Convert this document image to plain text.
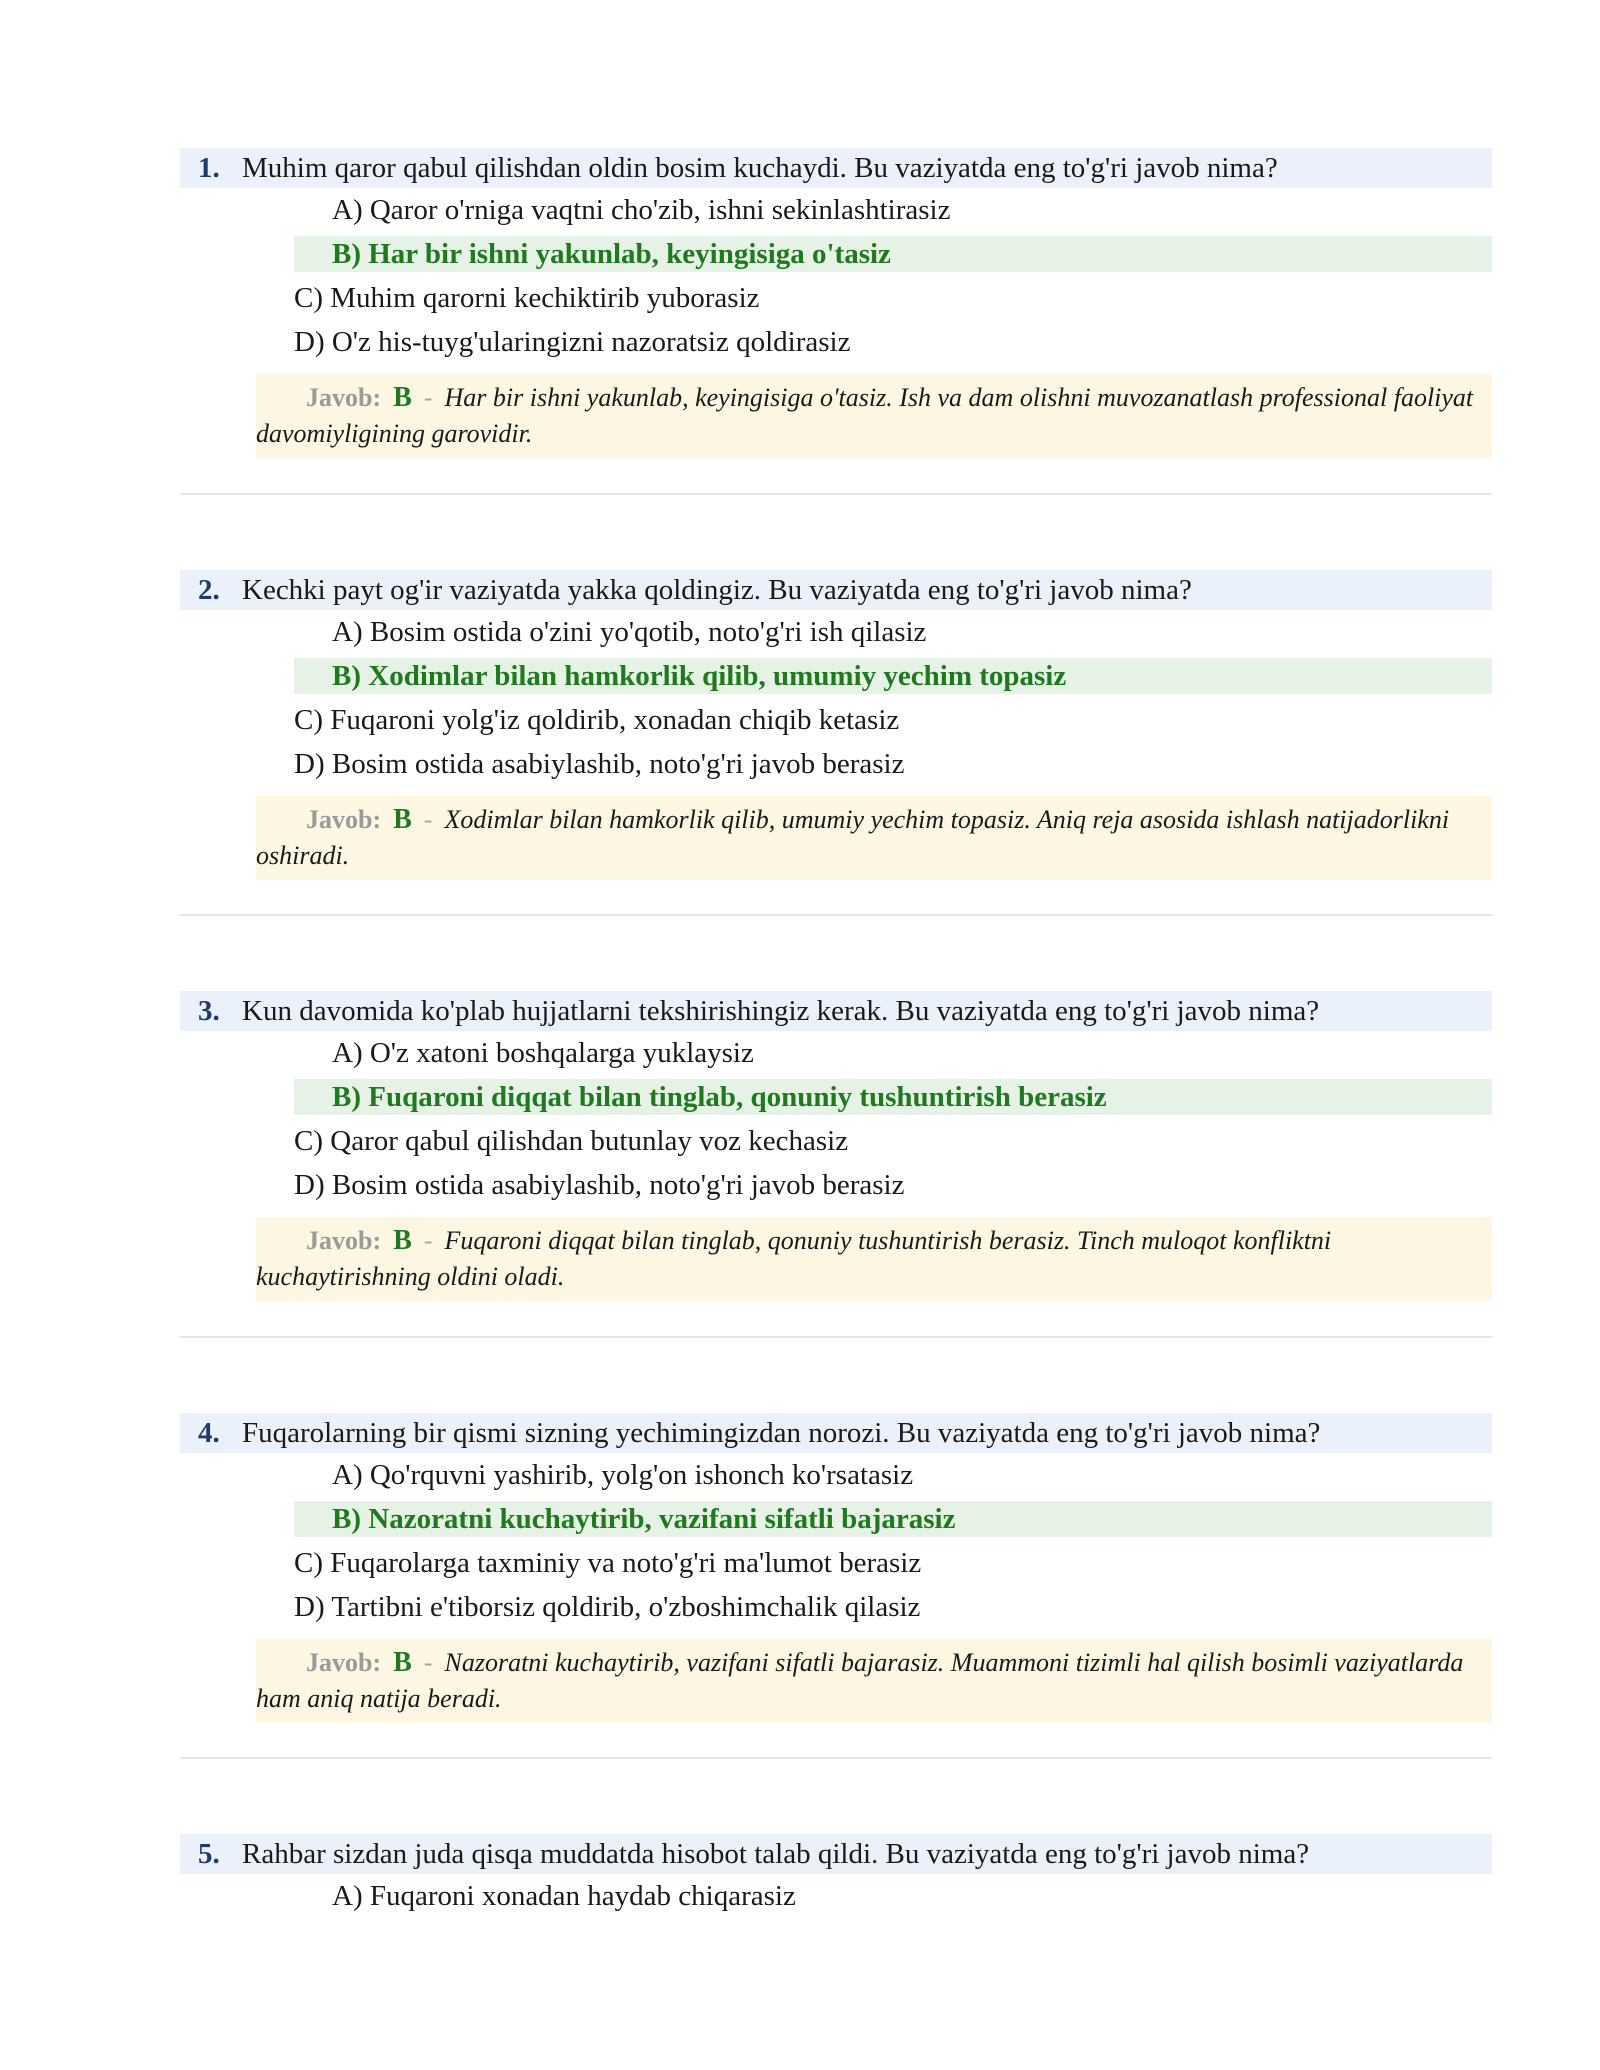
1. Muhim qaror qabul qilishdan oldin bosim kuchaydi. Bu vaziyatda eng to'g'ri javob nima?
A) Qaror o'rniga vaqtni cho'zib, ishni sekinlashtirasiz
B) Har bir ishni yakunlab, keyingisiga o'tasiz
C) Muhim qarorni kechiktirib yuborasiz
D) O'z his-tuyg'ularingizni nazoratsiz qoldirasiz
Javob: B - Har bir ishni yakunlab, keyingisiga o'tasiz. Ish va dam olishni muvozanatlash professional faoliyat davomiyligining garovidir.
2. Kechki payt og'ir vaziyatda yakka qoldingiz. Bu vaziyatda eng to'g'ri javob nima?
A) Bosim ostida o'zini yo'qotib, noto'g'ri ish qilasiz
B) Xodimlar bilan hamkorlik qilib, umumiy yechim topasiz
C) Fuqaroni yolg'iz qoldirib, xonadan chiqib ketasiz
D) Bosim ostida asabiylashib, noto'g'ri javob berasiz
Javob: B - Xodimlar bilan hamkorlik qilib, umumiy yechim topasiz. Aniq reja asosida ishlash natijadorlikni oshiradi.
3. Kun davomida ko'plab hujjatlarni tekshirishingiz kerak. Bu vaziyatda eng to'g'ri javob nima?
A) O'z xatoni boshqalarga yuklaysiz
B) Fuqaroni diqqat bilan tinglab, qonuniy tushuntirish berasiz
C) Qaror qabul qilishdan butunlay voz kechasiz
D) Bosim ostida asabiylashib, noto'g'ri javob berasiz
Javob: B - Fuqaroni diqqat bilan tinglab, qonuniy tushuntirish berasiz. Tinch muloqot konfliktni kuchaytirishning oldini oladi.
4. Fuqarolarning bir qismi sizning yechimingizdan norozi. Bu vaziyatda eng to'g'ri javob nima?
A) Qo'rquvni yashirib, yolg'on ishonch ko'rsatasiz
B) Nazoratni kuchaytirib, vazifani sifatli bajarasiz
C) Fuqarolarga taxminiy va noto'g'ri ma'lumot berasiz
D) Tartibni e'tiborsiz qoldirib, o'zboshimchalik qilasiz
Javob: B - Nazoratni kuchaytirib, vazifani sifatli bajarasiz. Muammoni tizimli hal qilish bosimli vaziyatlarda ham aniq natija beradi.
5. Rahbar sizdan juda qisqa muddatda hisobot talab qildi. Bu vaziyatda eng to'g'ri javob nima?
A) Fuqaroni xonadan haydab chiqarasiz
